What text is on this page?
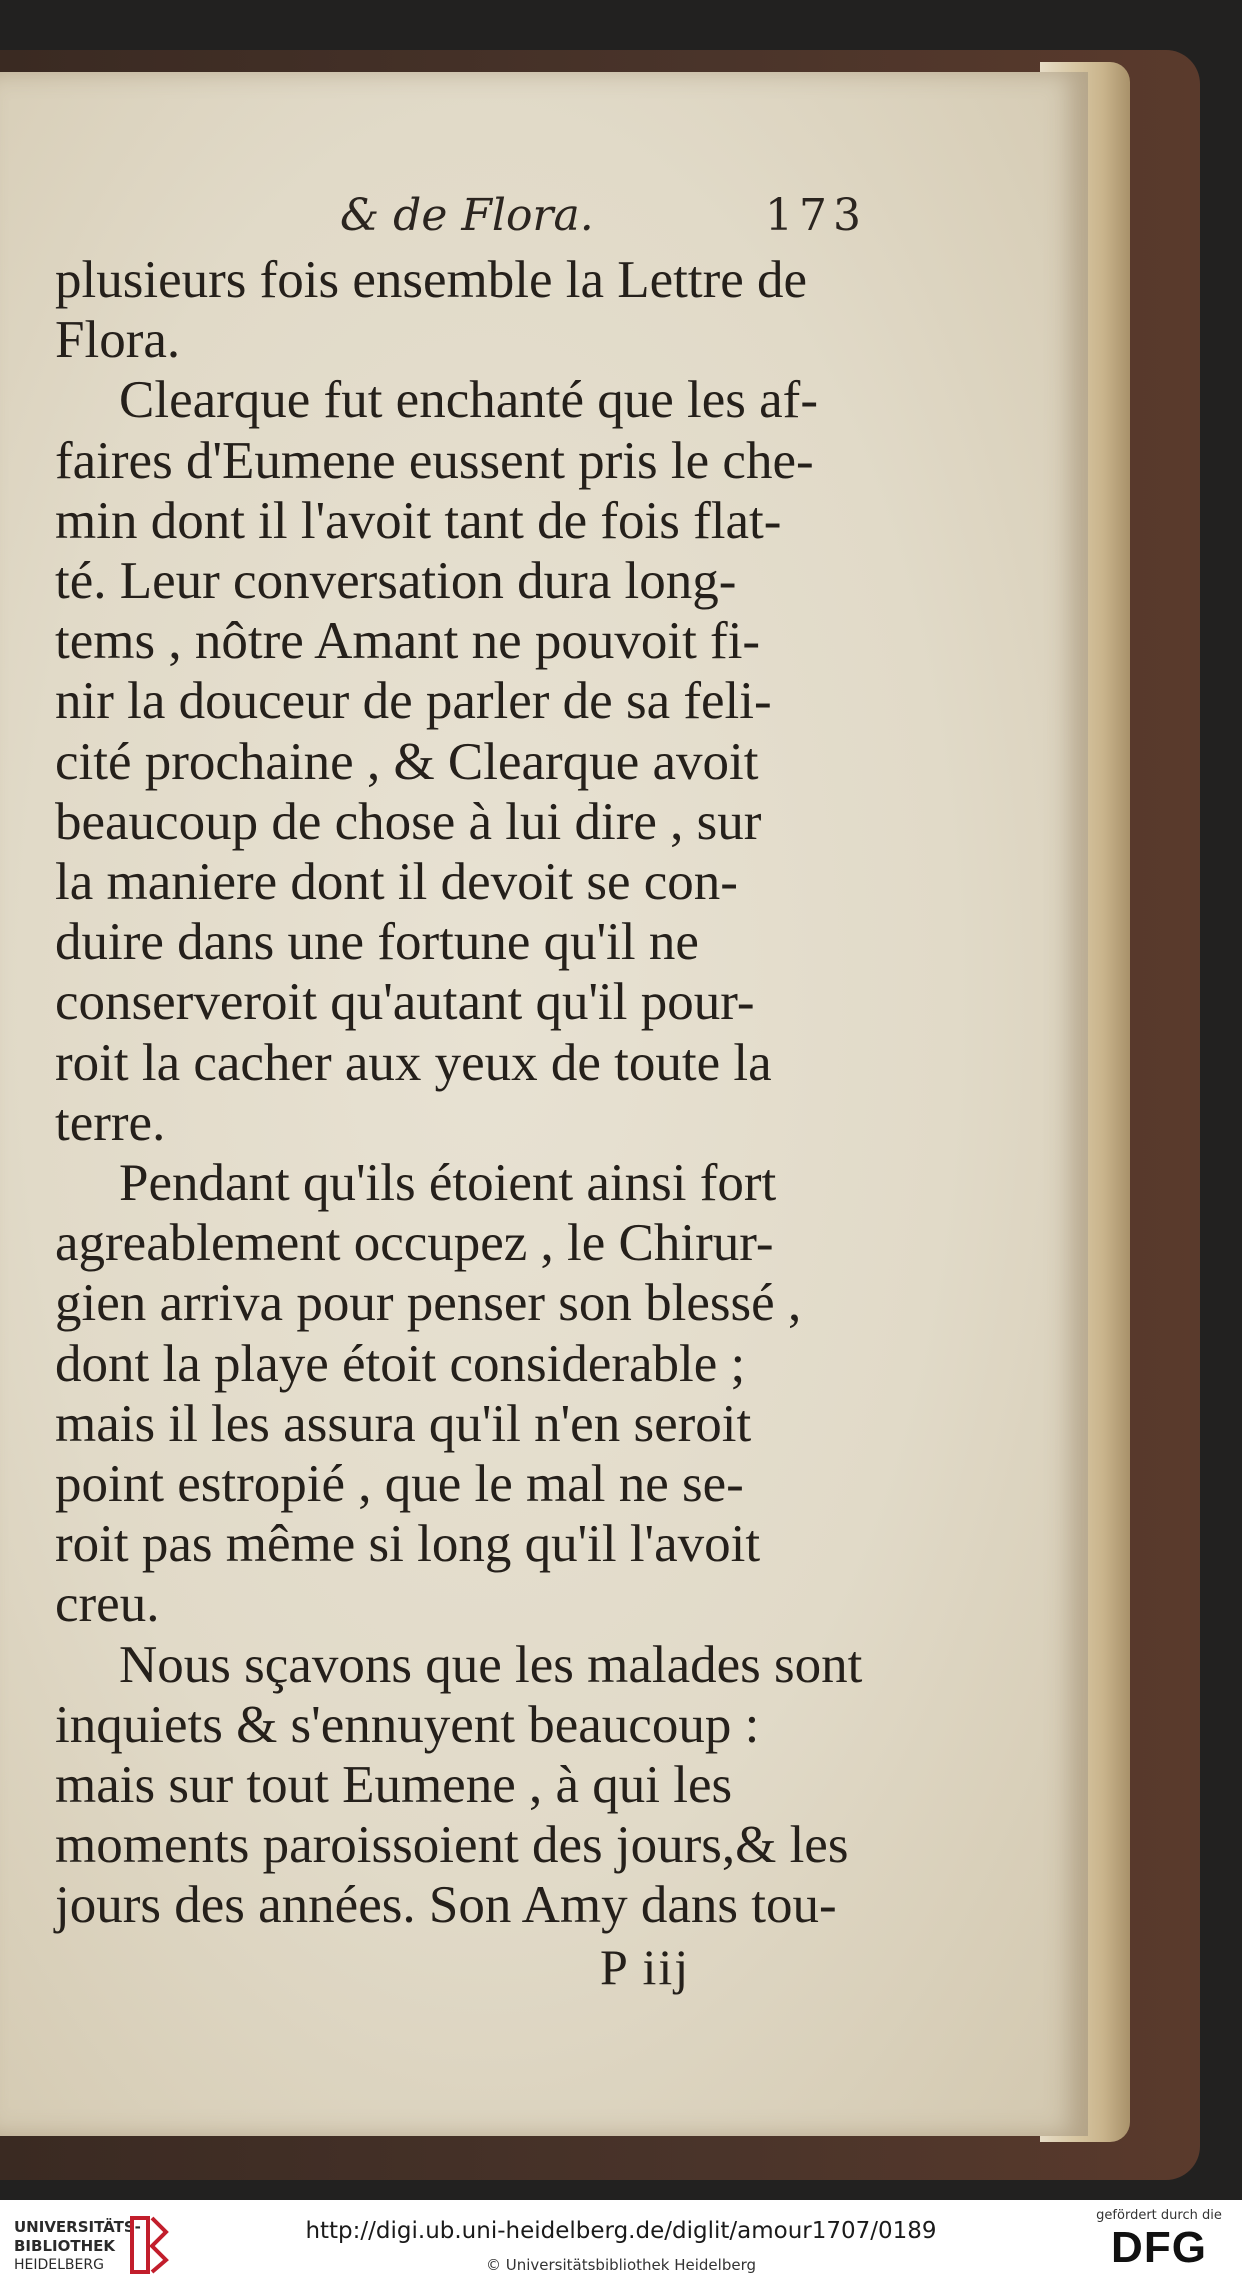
& de Flora.	173
plusieurs fois ensemble la Lettre de
Flora.
Clearque fut enchanté que les af-
faires d'Eumene eussent pris le che-
min dont il l'avoit tant de fois flat-
té. Leur conversation dura long-
tems , nôtre Amant ne pouvoit fi-
nir la douceur de parler de sa feli-
cité prochaine , & Clearque avoit
beaucoup de chose à lui dire , sur
la maniere dont il devoit se con-
duire dans une fortune qu'il ne
conserveroit qu'autant qu'il pour-
roit la cacher aux yeux de toute la
terre.
Pendant qu'ils étoient ainsi fort
agreablement occupez , le Chirur-
gien arriva pour penser son blessé ,
dont la playe étoit considerable ;
mais il les assura qu'il n'en seroit
point estropié , que le mal ne se-
roit pas même si long qu'il l'avoit
creu.
Nous sçavons que les malades sont
inquiets & s'ennuyent beaucoup :
mais sur tout Eumene , à qui les
moments paroissoient des jours,& les
jours des années. Son Amy dans tou-
P iij
UNIVERSITÄTS-
BIBLIOTHEK
HEIDELBERG
http://digi.ub.uni-heidelberg.de/diglit/amour1707/0189
© Universitätsbibliothek Heidelberg
gefördert durch die
DFG
